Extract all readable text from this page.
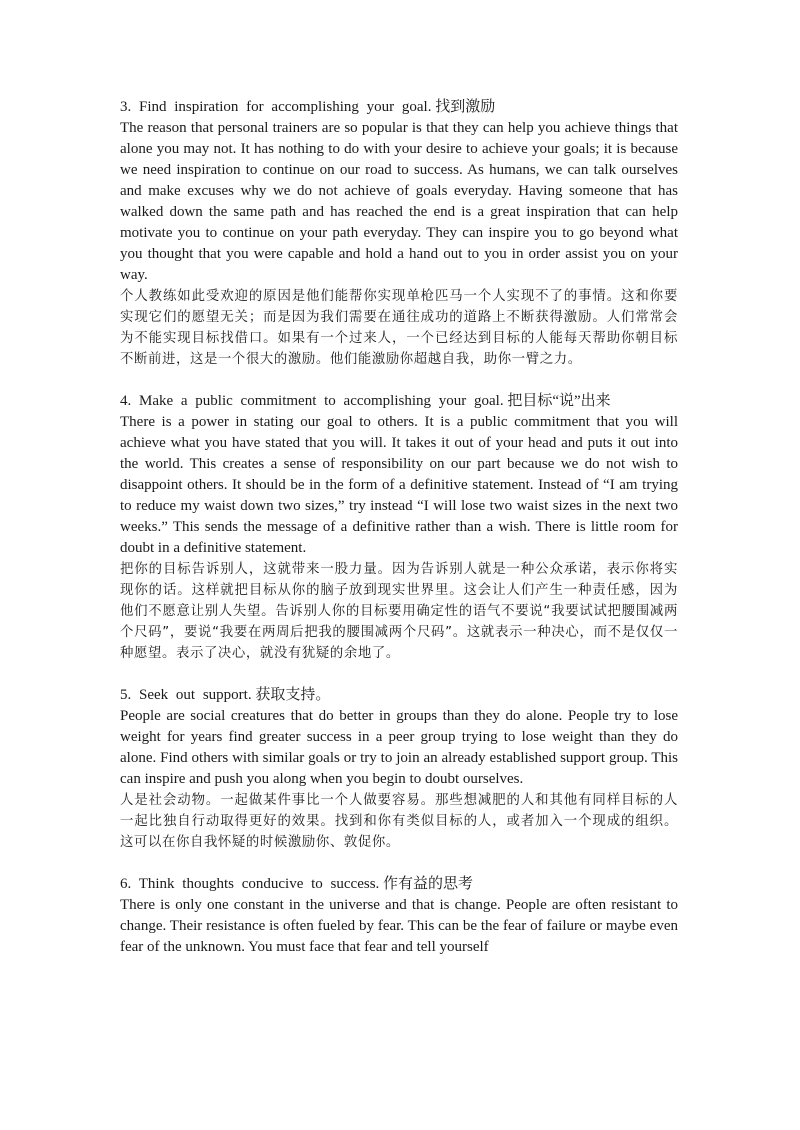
3. Find inspiration for accomplishing your goal. 找到激励

The reason that personal trainers are so popular is that they can help you achieve things that alone you may not. It has nothing to do with your desire to achieve your goals; it is because we need inspiration to continue on our road to success. As humans, we can talk ourselves and make excuses why we do not achieve of goals everyday. Having someone that has walked down the same path and has reached the end is a great inspiration that can help motivate you to continue on your path everyday. They can inspire you to go beyond what you thought that you were capable and hold a hand out to you in order assist you on your way.

个人教练如此受欢迎的原因是他们能帮你实现单枪匹马一个人实现不了的事情。这和你要实现它们的愿望无关；而是因为我们需要在通往成功的道路上不断获得激励。人们常常会为不能实现目标找借口。如果有一个过来人，一个已经达到目标的人能每天帮助你朝目标不断前进，这是一个很大的激励。他们能激励你超越自我，助你一臂之力。

4. Make a public commitment to accomplishing your goal. 把目标“说”出来

There is a power in stating our goal to others. It is a public commitment that you will achieve what you have stated that you will. It takes it out of your head and puts it out into the world. This creates a sense of responsibility on our part because we do not wish to disappoint others. It should be in the form of a definitive statement. Instead of “I am trying to reduce my waist down two sizes,” try instead “I will lose two waist sizes in the next two weeks.” This sends the message of a definitive rather than a wish. There is little room for doubt in a definitive statement.

把你的目标告诉别人，这就带来一股力量。因为告诉别人就是一种公众承诺，表示你将实现你的话。这样就把目标从你的脑子放到现实世界里。这会让人们产生一种责任感，因为他们不愿意让别人失望。告诉别人你的目标要用确定性的语气不要说“我要试试把腰围减两个尺码”，要说“我要在两周后把我的腰围减两个尺码”。这就表示一种决心，而不是仅仅一种愿望。表示了决心，就没有犹疑的余地了。

5. Seek out support. 获取支持。

People are social creatures that do better in groups than they do alone. People try to lose weight for years find greater success in a peer group trying to lose weight than they do alone. Find others with similar goals or try to join an already established support group. This can inspire and push you along when you begin to doubt ourselves.

人是社会动物。一起做某件事比一个人做要容易。那些想减肥的人和其他有同样目标的人一起比独自行动取得更好的效果。找到和你有类似目标的人，或者加入一个现成的组织。这可以在你自我怀疑的时候激励你、敦促你。

6. Think thoughts conducive to success. 作有益的思考

There is only one constant in the universe and that is change. People are often resistant to change. Their resistance is often fueled by fear. This can be the fear of failure or maybe even fear of the unknown. You must face that fear and tell yourself
